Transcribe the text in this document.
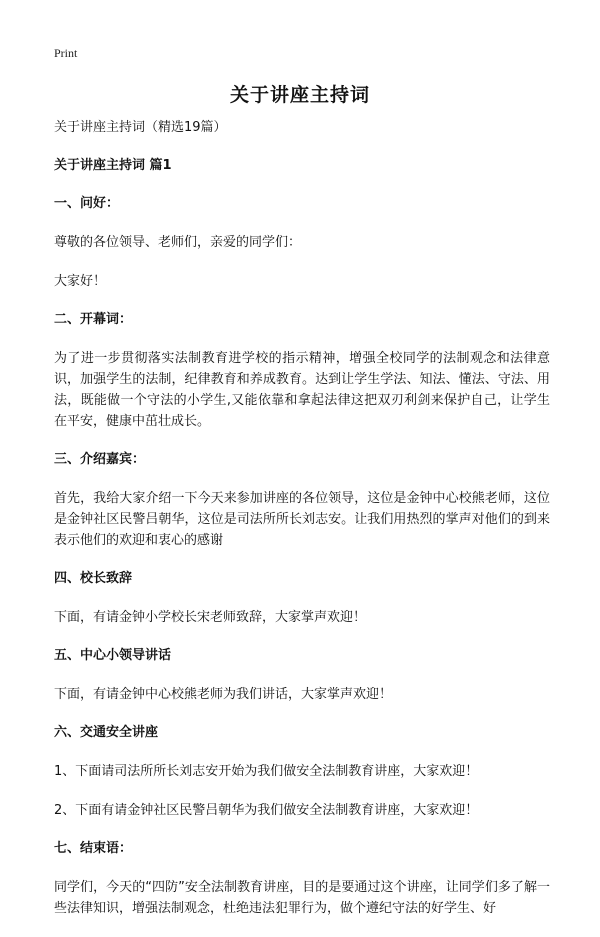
Print
关于讲座主持词
关于讲座主持词（精选19篇）
关于讲座主持词 篇1
一、问好：
尊敬的各位领导、老师们，亲爱的同学们：
大家好！
二、开幕词：
为了进一步贯彻落实法制教育进学校的指示精神，增强全校同学的法制观念和法律意识，加强学生的法制，纪律教育和养成教育。达到让学生学法、知法、懂法、守法、用法，既能做一个守法的小学生,又能依靠和拿起法律这把双刃利剑来保护自己，让学生在平安，健康中茁壮成长。
三、介绍嘉宾：
首先，我给大家介绍一下今天来参加讲座的各位领导，这位是金钟中心校熊老师，这位是金钟社区民警吕朝华，这位是司法所所长刘志安。让我们用热烈的掌声对他们的到来表示他们的欢迎和衷心的感谢
四、校长致辞
下面，有请金钟小学校长宋老师致辞，大家掌声欢迎！
五、中心小领导讲话
下面，有请金钟中心校熊老师为我们讲话，大家掌声欢迎！
六、交通安全讲座
1、下面请司法所所长刘志安开始为我们做安全法制教育讲座，大家欢迎！
2、下面有请金钟社区民警吕朝华为我们做安全法制教育讲座，大家欢迎！
七、结束语：
同学们，今天的“四防”安全法制教育讲座，目的是要通过这个讲座，让同学们多了解一些法律知识，增强法制观念，杜绝违法犯罪行为，做个遵纪守法的好学生、好
